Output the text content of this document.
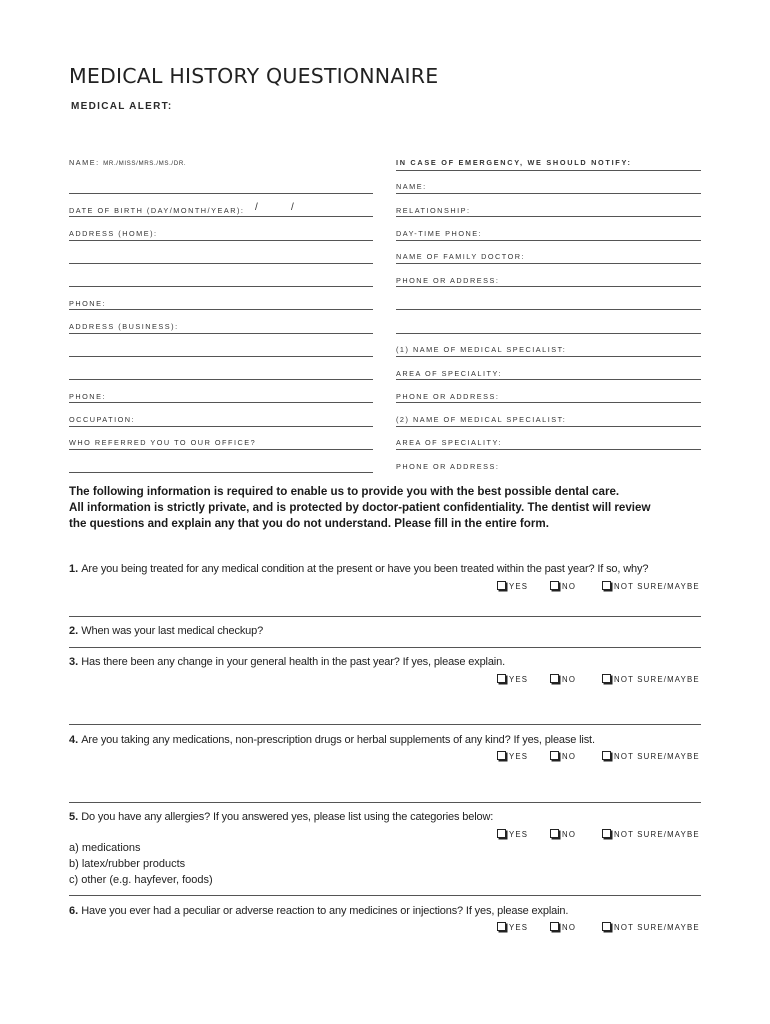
MEDICAL HISTORY QUESTIONNAIRE
MEDICAL ALERT:
NAME: MR./MISS/MRS./MS./DR.
DATE OF BIRTH (DAY/MONTH/YEAR): /	/
ADDRESS (HOME):
PHONE:
ADDRESS (BUSINESS):
PHONE:
OCCUPATION:
WHO REFERRED YOU TO OUR OFFICE?
IN CASE OF EMERGENCY, WE SHOULD NOTIFY:
NAME:
RELATIONSHIP:
DAY-TIME PHONE:
NAME OF FAMILY DOCTOR:
PHONE OR ADDRESS:
(1) NAME OF MEDICAL SPECIALIST:
AREA OF SPECIALITY:
PHONE OR ADDRESS:
(2) NAME OF MEDICAL SPECIALIST:
AREA OF SPECIALITY:
PHONE OR ADDRESS:
The following information is required to enable us to provide you with the best possible dental care.
All information is strictly private, and is protected by doctor-patient confidentiality. The dentist will review
the questions and explain any that you do not understand. Please fill in the entire form.
1. Are you being treated for any medical condition at the present or have you been treated within the past year? If so, why?
YES	NO	NOT SURE/MAYBE
2. When was your last medical checkup?
3. Has there been any change in your general health in the past year? If yes, please explain.
YES	NO	NOT SURE/MAYBE
4. Are you taking any medications, non-prescription drugs or herbal supplements of any kind? If yes, please list.
YES	NO	NOT SURE/MAYBE
5. Do you have any allergies? If you answered yes, please list using the categories below:
YES	NO	NOT SURE/MAYBE
a) medications
b) latex/rubber products
c) other (e.g. hayfever, foods)
6. Have you ever had a peculiar or adverse reaction to any medicines or injections? If yes, please explain.
YES	NO	NOT SURE/MAYBE
